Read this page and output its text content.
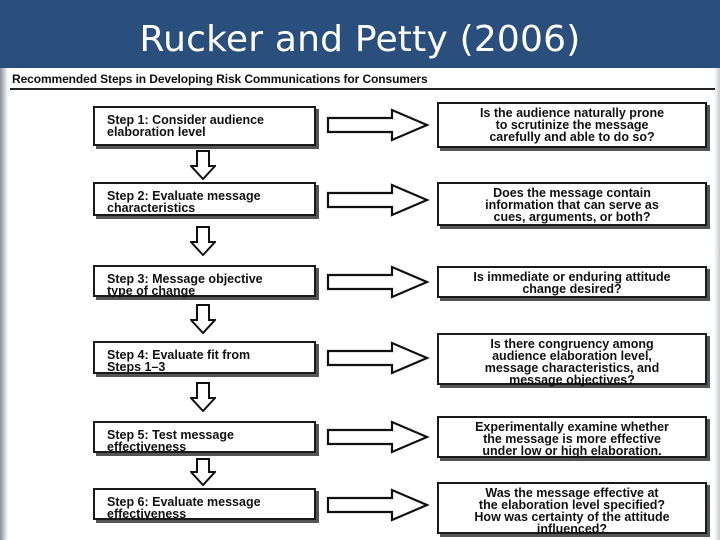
Rucker and Petty (2006)
Recommended Steps in Developing Risk Communications for Consumers
Step 1: Consider audience
elaboration level
Step 2: Evaluate message
characteristics
Step 3: Message objective
type of change
Step 4: Evaluate fit from
Steps 1–3
Step 5: Test message
effectiveness
Step 6: Evaluate message
effectiveness
Is the audience naturally prone
to scrutinize the message
carefully and able to do so?
Does the message contain
information that can serve as
cues, arguments, or both?
Is immediate or enduring attitude
change desired?
Is there congruency among
audience elaboration level,
message characteristics, and
message objectives?
Experimentally examine whether
the message is more effective
under low or high elaboration.
Was the message effective at
the elaboration level specified?
How was certainty of the attitude
influenced?
